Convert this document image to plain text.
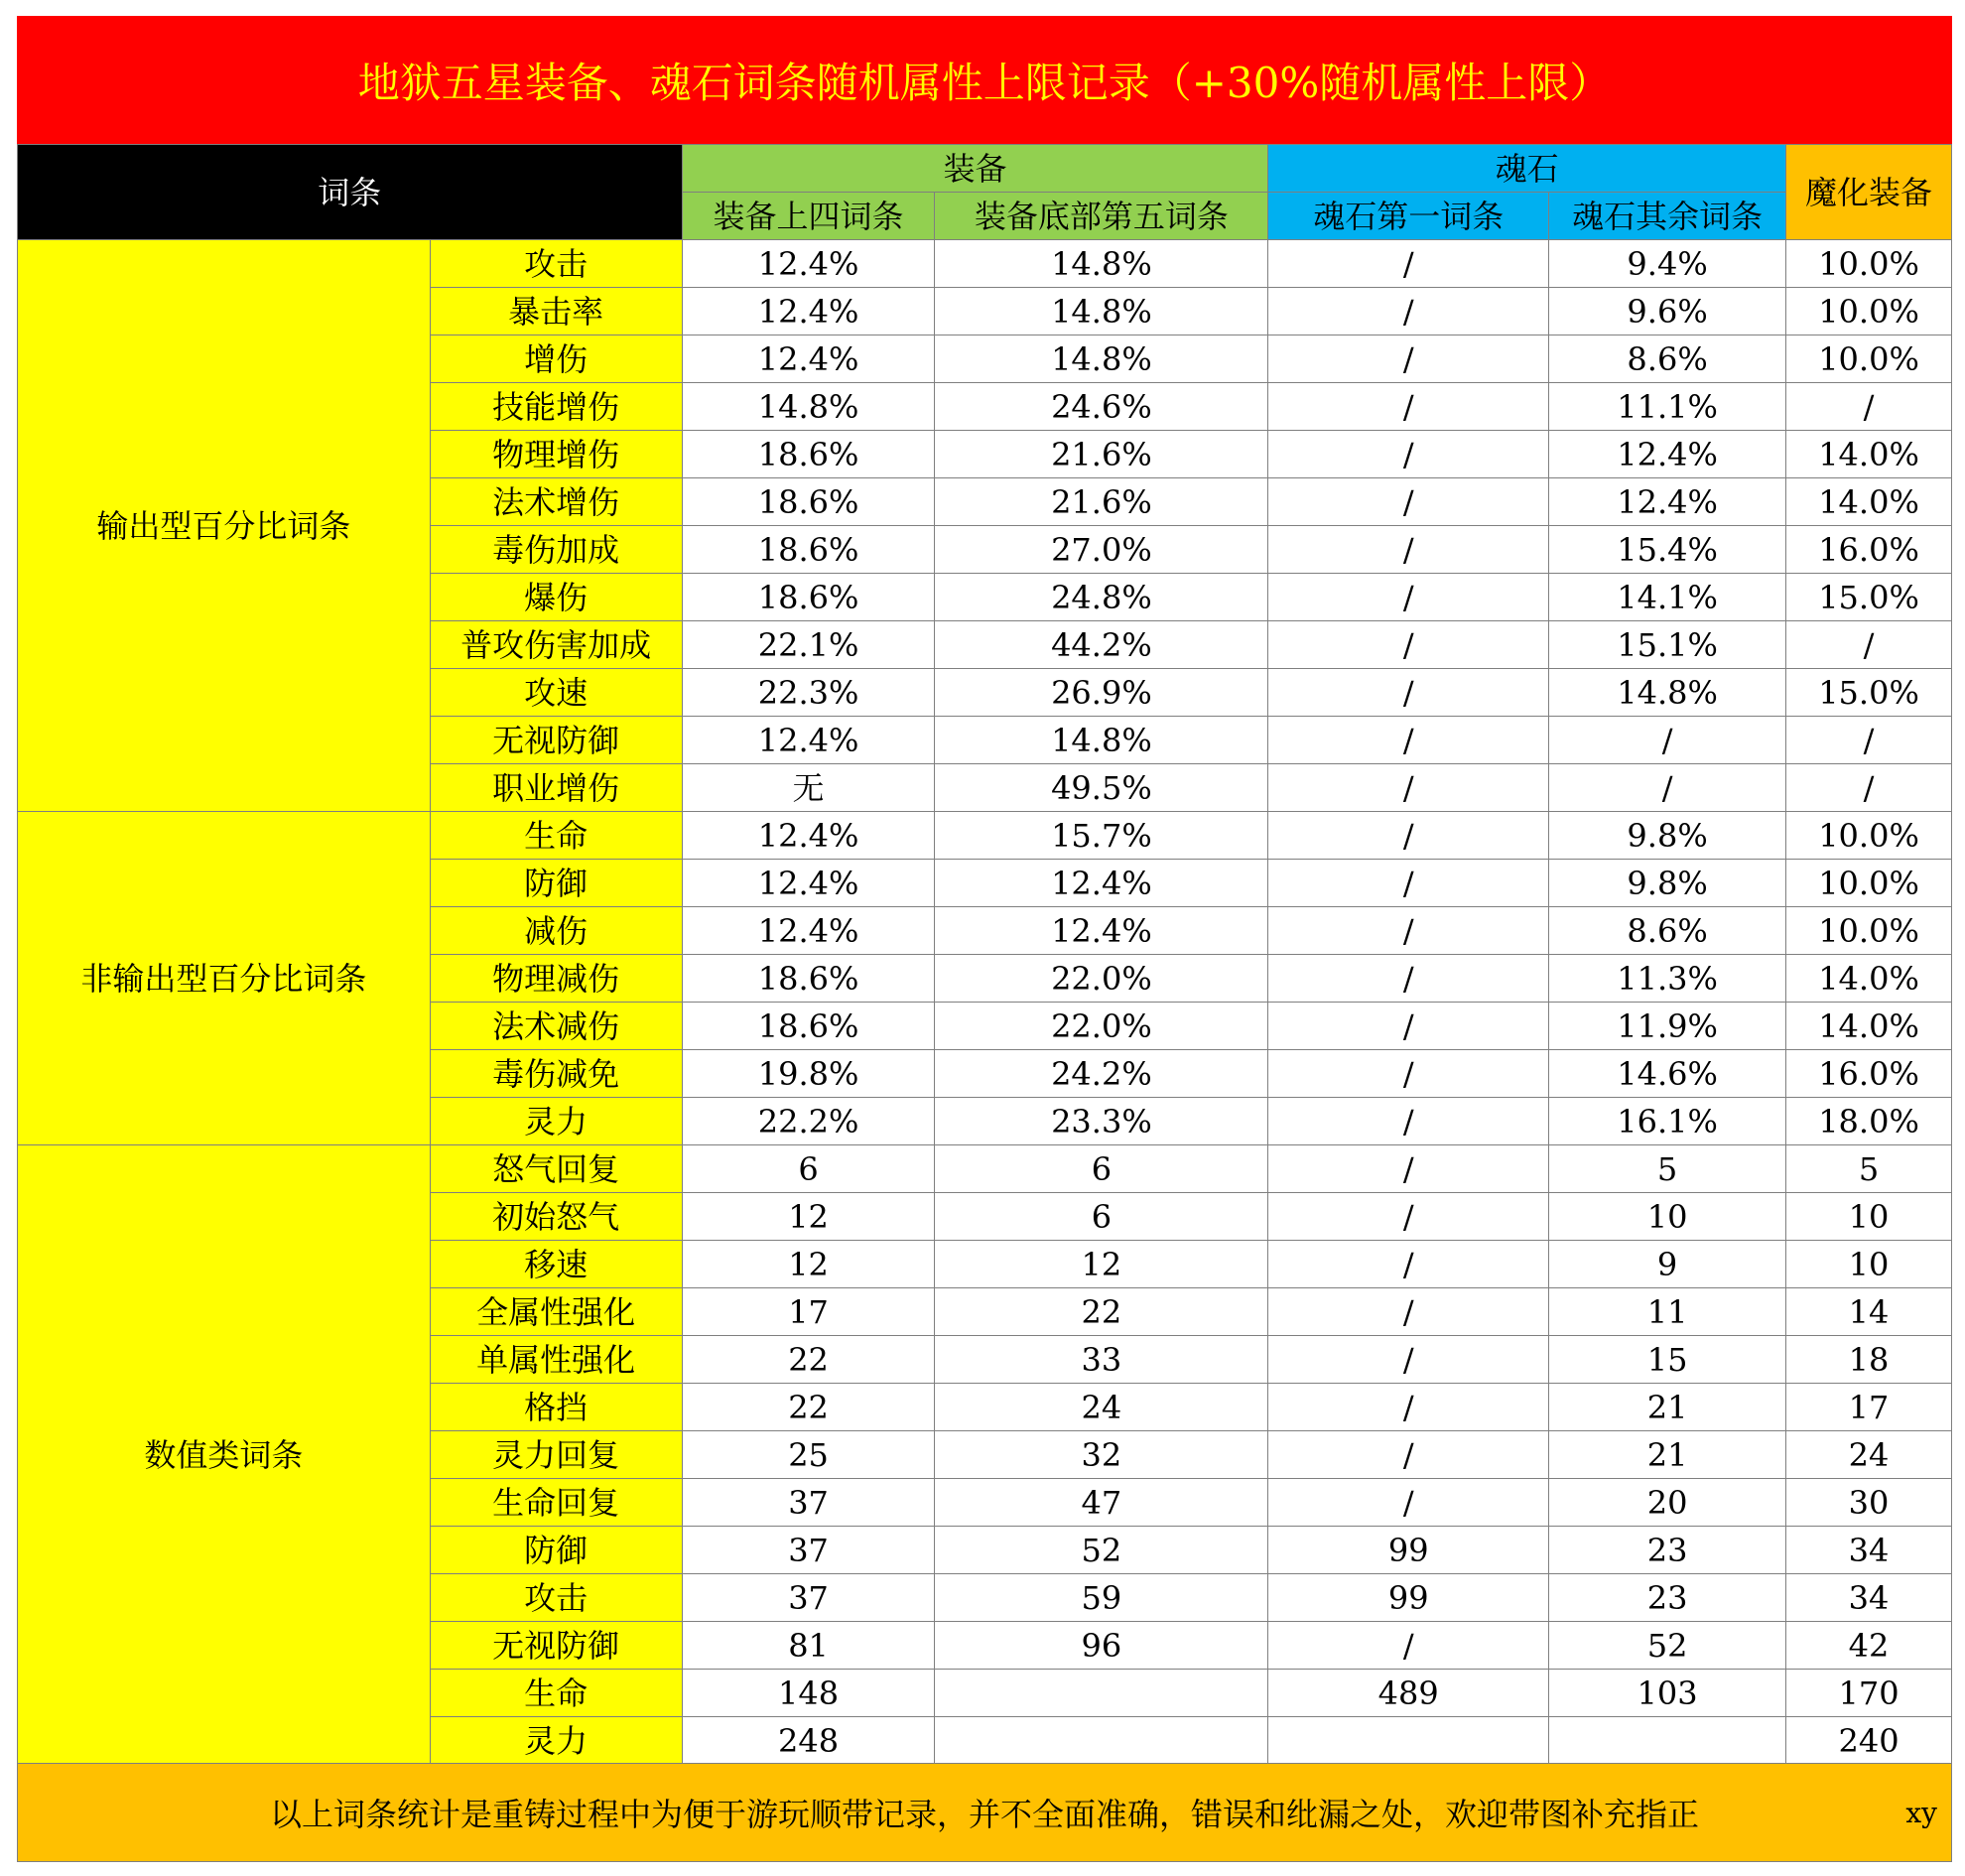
地狱五星装备、魂石词条随机属性上限记录（+30%随机属性上限）
词条		装备		魂石		魔化装备
		装备上四词条	装备底部第五词条	魂石第一词条	魂石其余词条	
输出型百分比词条	攻击	12.4%	14.8%	/	9.4%	10.0%
	暴击率	12.4%	14.8%	/	9.6%	10.0%
	增伤	12.4%	14.8%	/	8.6%	10.0%
	技能增伤	14.8%	24.6%	/	11.1%	/
	物理增伤	18.6%	21.6%	/	12.4%	14.0%
	法术增伤	18.6%	21.6%	/	12.4%	14.0%
	毒伤加成	18.6%	27.0%	/	15.4%	16.0%
	爆伤	18.6%	24.8%	/	14.1%	15.0%
	普攻伤害加成	22.1%	44.2%	/	15.1%	/
	攻速	22.3%	26.9%	/	14.8%	15.0%
	无视防御	12.4%	14.8%	/	/	/
	职业增伤	无	49.5%	/	/	/
非输出型百分比词条	生命	12.4%	15.7%	/	9.8%	10.0%
	防御	12.4%	12.4%	/	9.8%	10.0%
	减伤	12.4%	12.4%	/	8.6%	10.0%
	物理减伤	18.6%	22.0%	/	11.3%	14.0%
	法术减伤	18.6%	22.0%	/	11.9%	14.0%
	毒伤减免	19.8%	24.2%	/	14.6%	16.0%
	灵力	22.2%	23.3%	/	16.1%	18.0%
数值类词条	怒气回复	6	6	/	5	5
	初始怒气	12	6	/	10	10
	移速	12	12	/	9	10
	全属性强化	17	22	/	11	14
	单属性强化	22	33	/	15	18
	格挡	22	24	/	21	17
	灵力回复	25	32	/	21	24
	生命回复	37	47	/	20	30
	防御	37	52	99	23	34
	攻击	37	59	99	23	34
	无视防御	81	96	/	52	42
	生命	148		489	103	170
	灵力	248				240
以上词条统计是重铸过程中为便于游玩顺带记录，并不全面准确，错误和纰漏之处，欢迎带图补充指正	xy
